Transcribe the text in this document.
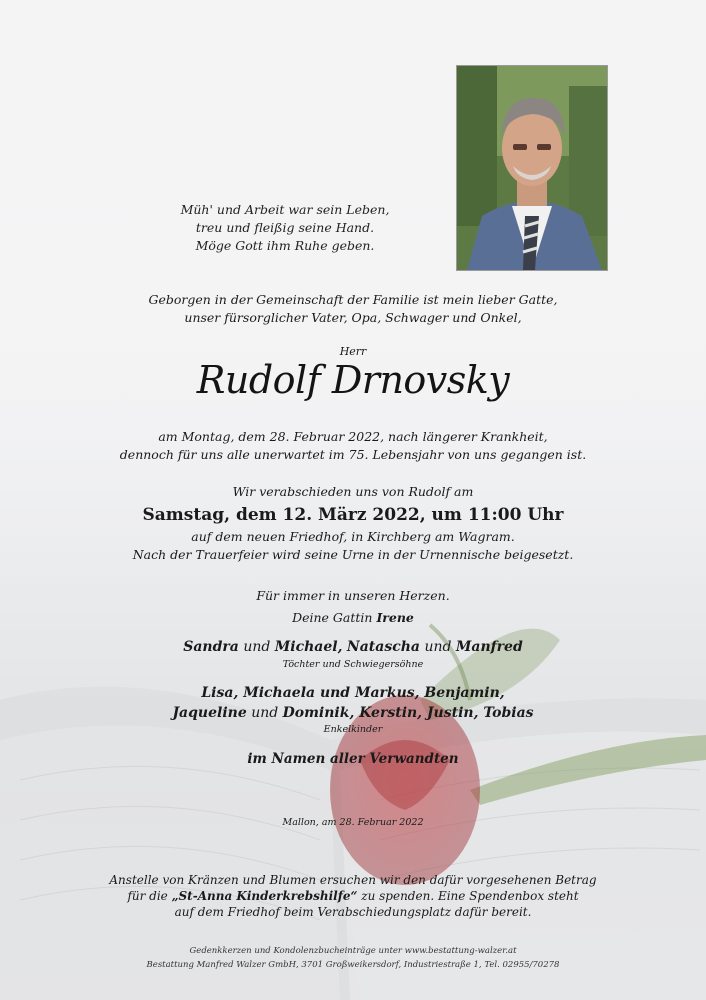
Müh' und Arbeit war sein Leben,
treu und fleißig seine Hand.
Möge Gott ihm Ruhe geben.
Geborgen in der Gemeinschaft der Familie ist mein lieber Gatte,
unser fürsorglicher Vater, Opa, Schwager und Onkel,
Herr
Rudolf Drnovsky
am Montag, dem 28. Februar 2022, nach längerer Krankheit,
dennoch für uns alle unerwartet im 75. Lebensjahr von uns gegangen ist.
Wir verabschieden uns von Rudolf am
Samstag, dem 12. März 2022, um 11:00 Uhr
auf dem neuen Friedhof, in Kirchberg am Wagram.
Nach der Trauerfeier wird seine Urne in der Urnennische beigesetzt.
Für immer in unseren Herzen.
Deine Gattin Irene
Sandra und Michael, Natascha und Manfred
Töchter und Schwiegersöhne
Lisa, Michaela und Markus, Benjamin,
Jaqueline und Dominik, Kerstin, Justin, Tobias
Enkelkinder
im Namen aller Verwandten
Mallon, am 28. Februar 2022
Anstelle von Kränzen und Blumen ersuchen wir den dafür vorgesehenen Betrag
für die „St-Anna Kinderkrebshilfe“ zu spenden. Eine Spendenbox steht
auf dem Friedhof beim Verabschiedungsplatz dafür bereit.
Gedenkkerzen und Kondolenzbucheinträge unter www.bestattung-walzer.at
Bestattung Manfred Walzer GmbH, 3701 Großweikersdorf, Industriestraße 1, Tel. 02955/70278
